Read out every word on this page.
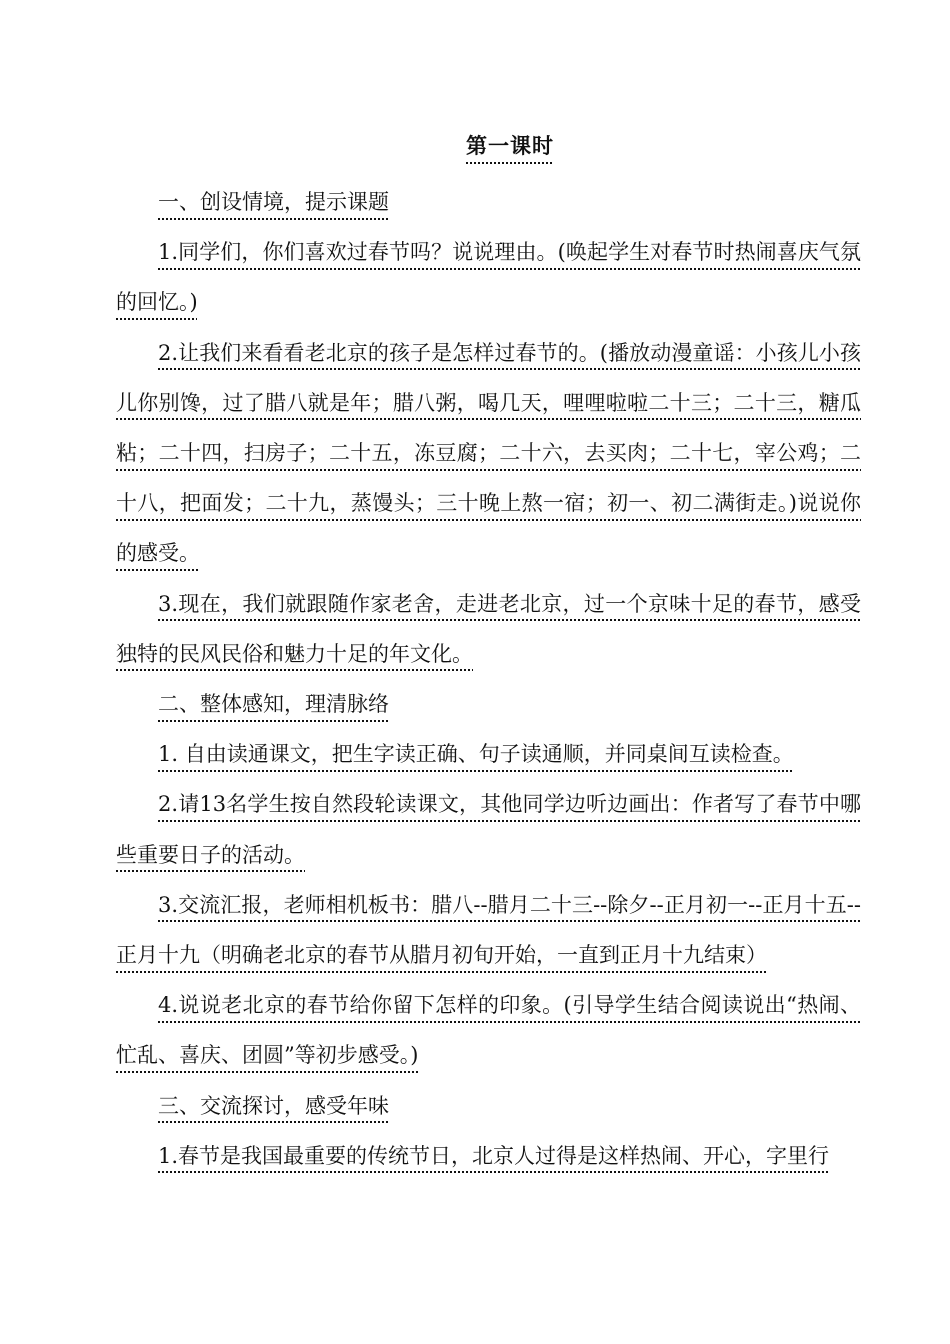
第一课时

一、创设情境，提示课题

1.同学们，你们喜欢过春节吗？说说理由。(唤起学生对春节时热闹喜庆气氛的回忆。)

2.让我们来看看老北京的孩子是怎样过春节的。(播放动漫童谣：小孩儿小孩儿你别馋，过了腊八就是年；腊八粥，喝几天，哩哩啦啦二十三；二十三，糖瓜粘；二十四，扫房子；二十五，冻豆腐；二十六，去买肉；二十七，宰公鸡；二十八，把面发；二十九，蒸馒头；三十晚上熬一宿；初一、初二满街走。)说说你的感受。

3.现在，我们就跟随作家老舍，走进老北京，过一个京味十足的春节，感受独特的民风民俗和魅力十足的年文化。

二、整体感知，理清脉络

1. 自由读通课文，把生字读正确、句子读通顺，并同桌间互读检查。

2.请13名学生按自然段轮读课文，其他同学边听边画出：作者写了春节中哪些重要日子的活动。

3.交流汇报，老师相机板书：腊八--腊月二十三--除夕--正月初一--正月十五--正月十九（明确老北京的春节从腊月初旬开始，一直到正月十九结束）

4.说说老北京的春节给你留下怎样的印象。(引导学生结合阅读说出“热闹、忙乱、喜庆、团圆”等初步感受。)

三、交流探讨，感受年味

1.春节是我国最重要的传统节日，北京人过得是这样热闹、开心，字里行
